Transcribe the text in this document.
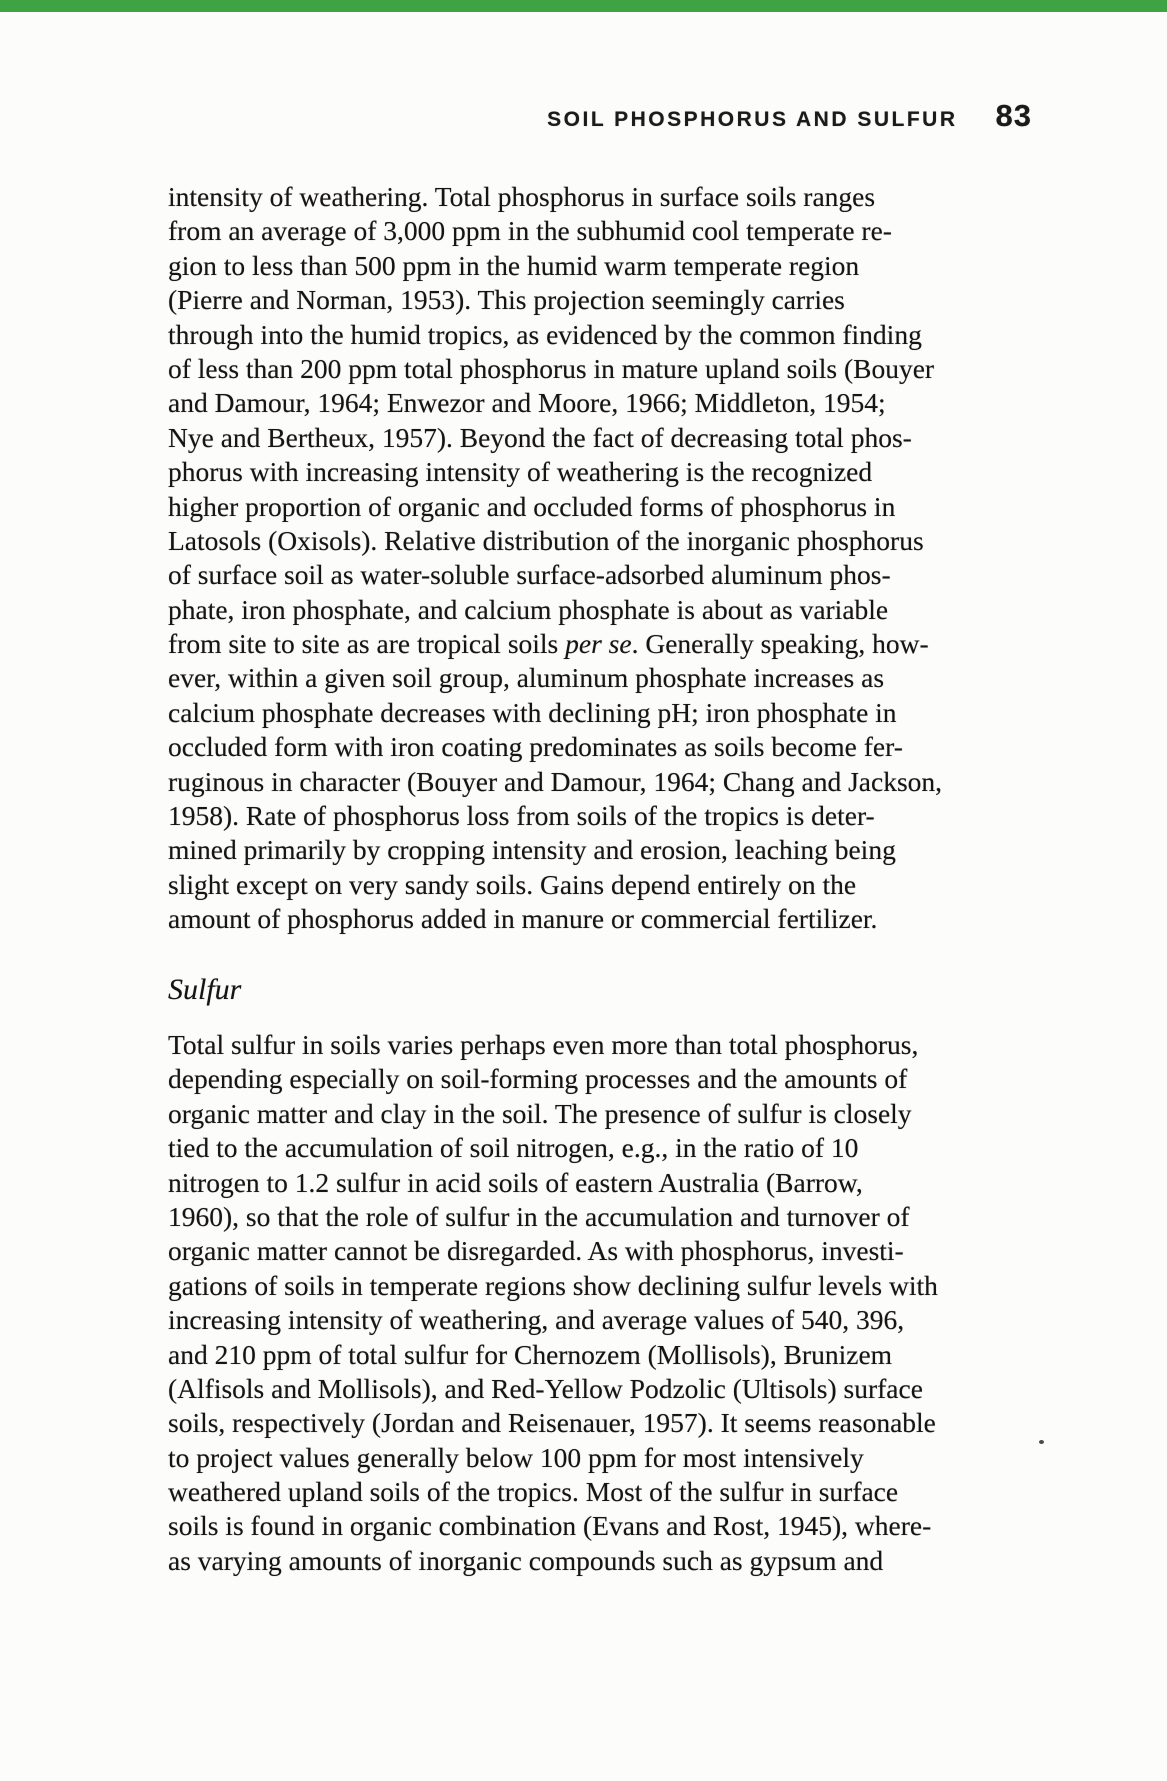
SOIL PHOSPHORUS AND SULFUR 83
intensity of weathering. Total phosphorus in surface soils ranges
from an average of 3,000 ppm in the subhumid cool temperate re-
gion to less than 500 ppm in the humid warm temperate region
(Pierre and Norman, 1953). This projection seemingly carries
through into the humid tropics, as evidenced by the common finding
of less than 200 ppm total phosphorus in mature upland soils (Bouyer
and Damour, 1964; Enwezor and Moore, 1966; Middleton, 1954;
Nye and Bertheux, 1957). Beyond the fact of decreasing total phos-
phorus with increasing intensity of weathering is the recognized
higher proportion of organic and occluded forms of phosphorus in
Latosols (Oxisols). Relative distribution of the inorganic phosphorus
of surface soil as water-soluble surface-adsorbed aluminum phos-
phate, iron phosphate, and calcium phosphate is about as variable
from site to site as are tropical soils per se. Generally speaking, how-
ever, within a given soil group, aluminum phosphate increases as
calcium phosphate decreases with declining pH; iron phosphate in
occluded form with iron coating predominates as soils become fer-
ruginous in character (Bouyer and Damour, 1964; Chang and Jackson,
1958). Rate of phosphorus loss from soils of the tropics is deter-
mined primarily by cropping intensity and erosion, leaching being
slight except on very sandy soils. Gains depend entirely on the
amount of phosphorus added in manure or commercial fertilizer.
Sulfur
Total sulfur in soils varies perhaps even more than total phosphorus,
depending especially on soil-forming processes and the amounts of
organic matter and clay in the soil. The presence of sulfur is closely
tied to the accumulation of soil nitrogen, e.g., in the ratio of 10
nitrogen to 1.2 sulfur in acid soils of eastern Australia (Barrow,
1960), so that the role of sulfur in the accumulation and turnover of
organic matter cannot be disregarded. As with phosphorus, investi-
gations of soils in temperate regions show declining sulfur levels with
increasing intensity of weathering, and average values of 540, 396,
and 210 ppm of total sulfur for Chernozem (Mollisols), Brunizem
(Alfisols and Mollisols), and Red-Yellow Podzolic (Ultisols) surface
soils, respectively (Jordan and Reisenauer, 1957). It seems reasonable
to project values generally below 100 ppm for most intensively
weathered upland soils of the tropics. Most of the sulfur in surface
soils is found in organic combination (Evans and Rost, 1945), where-
as varying amounts of inorganic compounds such as gypsum and
